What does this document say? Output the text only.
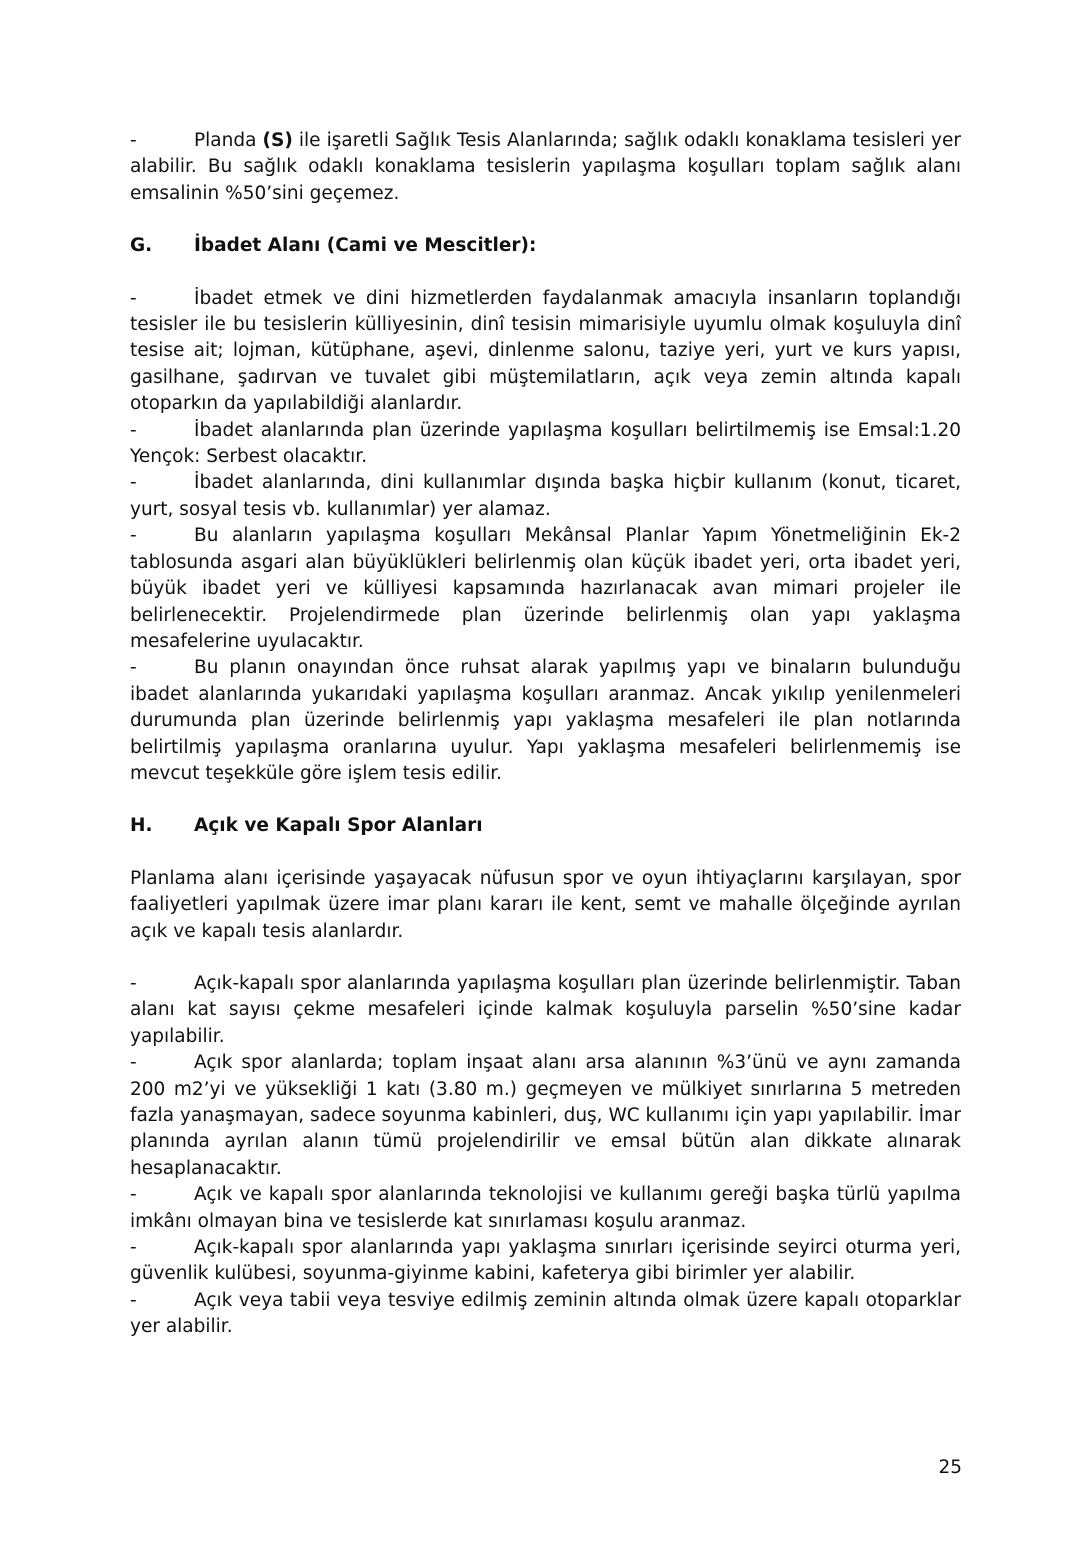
-	Planda (S) ile işaretli Sağlık Tesis Alanlarında; sağlık odaklı konaklama tesisleri yer alabilir. Bu sağlık odaklı konaklama tesislerin yapılaşma koşulları toplam sağlık alanı emsalinin %50’sini geçemez.

G.	İbadet Alanı (Cami ve Mescitler):

-	İbadet etmek ve dini hizmetlerden faydalanmak amacıyla insanların toplandığı tesisler ile bu tesislerin külliyesinin, dinî tesisin mimarisiyle uyumlu olmak koşuluyla dinî tesise ait; lojman, kütüphane, aşevi, dinlenme salonu, taziye yeri, yurt ve kurs yapısı, gasilhane, şadırvan ve tuvalet gibi müştemilatların, açık veya zemin altında kapalı otoparkın da yapılabildiği alanlardır.

-	İbadet alanlarında plan üzerinde yapılaşma koşulları belirtilmemiş ise Emsal:1.20 Yençok: Serbest olacaktır.

-	İbadet alanlarında, dini kullanımlar dışında başka hiçbir kullanım (konut, ticaret, yurt, sosyal tesis vb. kullanımlar) yer alamaz.

-	Bu alanların yapılaşma koşulları Mekânsal Planlar Yapım Yönetmeliğinin Ek-2 tablosunda asgari alan büyüklükleri belirlenmiş olan küçük ibadet yeri, orta ibadet yeri, büyük ibadet yeri ve külliyesi kapsamında hazırlanacak avan mimari projeler ile belirlenecektir. Projelendirmede plan üzerinde belirlenmiş olan yapı yaklaşma mesafelerine uyulacaktır.

-	Bu planın onayından önce ruhsat alarak yapılmış yapı ve binaların bulunduğu ibadet alanlarında yukarıdaki yapılaşma koşulları aranmaz. Ancak yıkılıp yenilenmeleri durumunda plan üzerinde belirlenmiş yapı yaklaşma mesafeleri ile plan notlarında belirtilmiş yapılaşma oranlarına uyulur. Yapı yaklaşma mesafeleri belirlenmemiş ise mevcut teşekküle göre işlem tesis edilir.

H.	Açık ve Kapalı Spor Alanları

Planlama alanı içerisinde yaşayacak nüfusun spor ve oyun ihtiyaçlarını karşılayan, spor faaliyetleri yapılmak üzere imar planı kararı ile kent, semt ve mahalle ölçeğinde ayrılan açık ve kapalı tesis alanlardır.

-	Açık-kapalı spor alanlarında yapılaşma koşulları plan üzerinde belirlenmiştir. Taban alanı kat sayısı çekme mesafeleri içinde kalmak koşuluyla parselin %50’sine kadar yapılabilir.

-	Açık spor alanlarda; toplam inşaat alanı arsa alanının %3’ünü ve aynı zamanda 200 m2’yi ve yüksekliği 1 katı (3.80 m.) geçmeyen ve mülkiyet sınırlarına 5 metreden fazla yanaşmayan, sadece soyunma kabinleri, duş, WC kullanımı için yapı yapılabilir. İmar planında ayrılan alanın tümü projelendirilir ve emsal bütün alan dikkate alınarak hesaplanacaktır.

-	Açık ve kapalı spor alanlarında teknolojisi ve kullanımı gereği başka türlü yapılma imkânı olmayan bina ve tesislerde kat sınırlaması koşulu aranmaz.

-	Açık-kapalı spor alanlarında yapı yaklaşma sınırları içerisinde seyirci oturma yeri, güvenlik kulübesi, soyunma-giyinme kabini, kafeterya gibi birimler yer alabilir.

-	Açık veya tabii veya tesviye edilmiş zeminin altında olmak üzere kapalı otoparklar yer alabilir.

25
